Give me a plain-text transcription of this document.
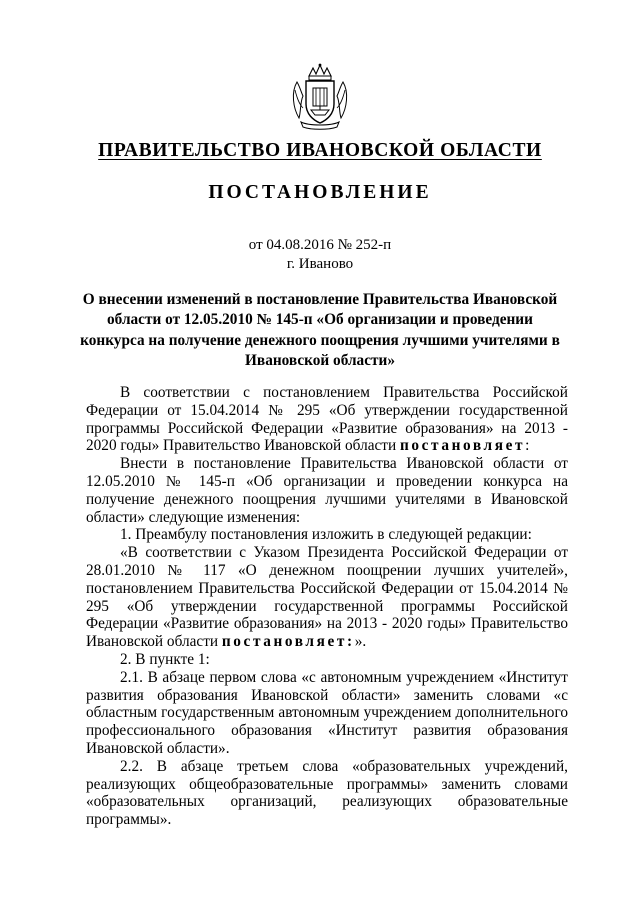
ПРАВИТЕЛЬСТВО ИВАНОВСКОЙ ОБЛАСТИ
ПОСТАНОВЛЕНИЕ
от 04.08.2016 № 252-п
г. Иваново
О внесении изменений в постановление Правительства Ивановской области от 12.05.2010 № 145-п «Об организации и проведении конкурса на получение денежного поощрения лучшими учителями в Ивановской области»

В соответствии с постановлением Правительства Российской Федерации от 15.04.2014 № 295 «Об утверждении государственной программы Российской Федерации «Развитие образования» на 2013 - 2020 годы» Правительство Ивановской области постановляет:

Внести в постановление Правительства Ивановской области от 12.05.2010 № 145-п «Об организации и проведении конкурса на получение денежного поощрения лучшими учителями в Ивановской области» следующие изменения:

1. Преамбулу постановления изложить в следующей редакции:

«В соответствии с Указом Президента Российской Федерации от 28.01.2010 № 117 «О денежном поощрении лучших учителей», постановлением Правительства Российской Федерации от 15.04.2014 № 295 «Об утверждении государственной программы Российской Федерации «Развитие образования» на 2013 - 2020 годы» Правительство Ивановской области постановляет:».

2. В пункте 1:

2.1. В абзаце первом слова «с автономным учреждением «Институт развития образования Ивановской области» заменить словами «с областным государственным автономным учреждением дополнительного профессионального образования «Институт развития образования Ивановской области».

2.2. В абзаце третьем слова «образовательных учреждений, реализующих общеобразовательные программы» заменить словами «образовательных организаций, реализующих образовательные программы».
